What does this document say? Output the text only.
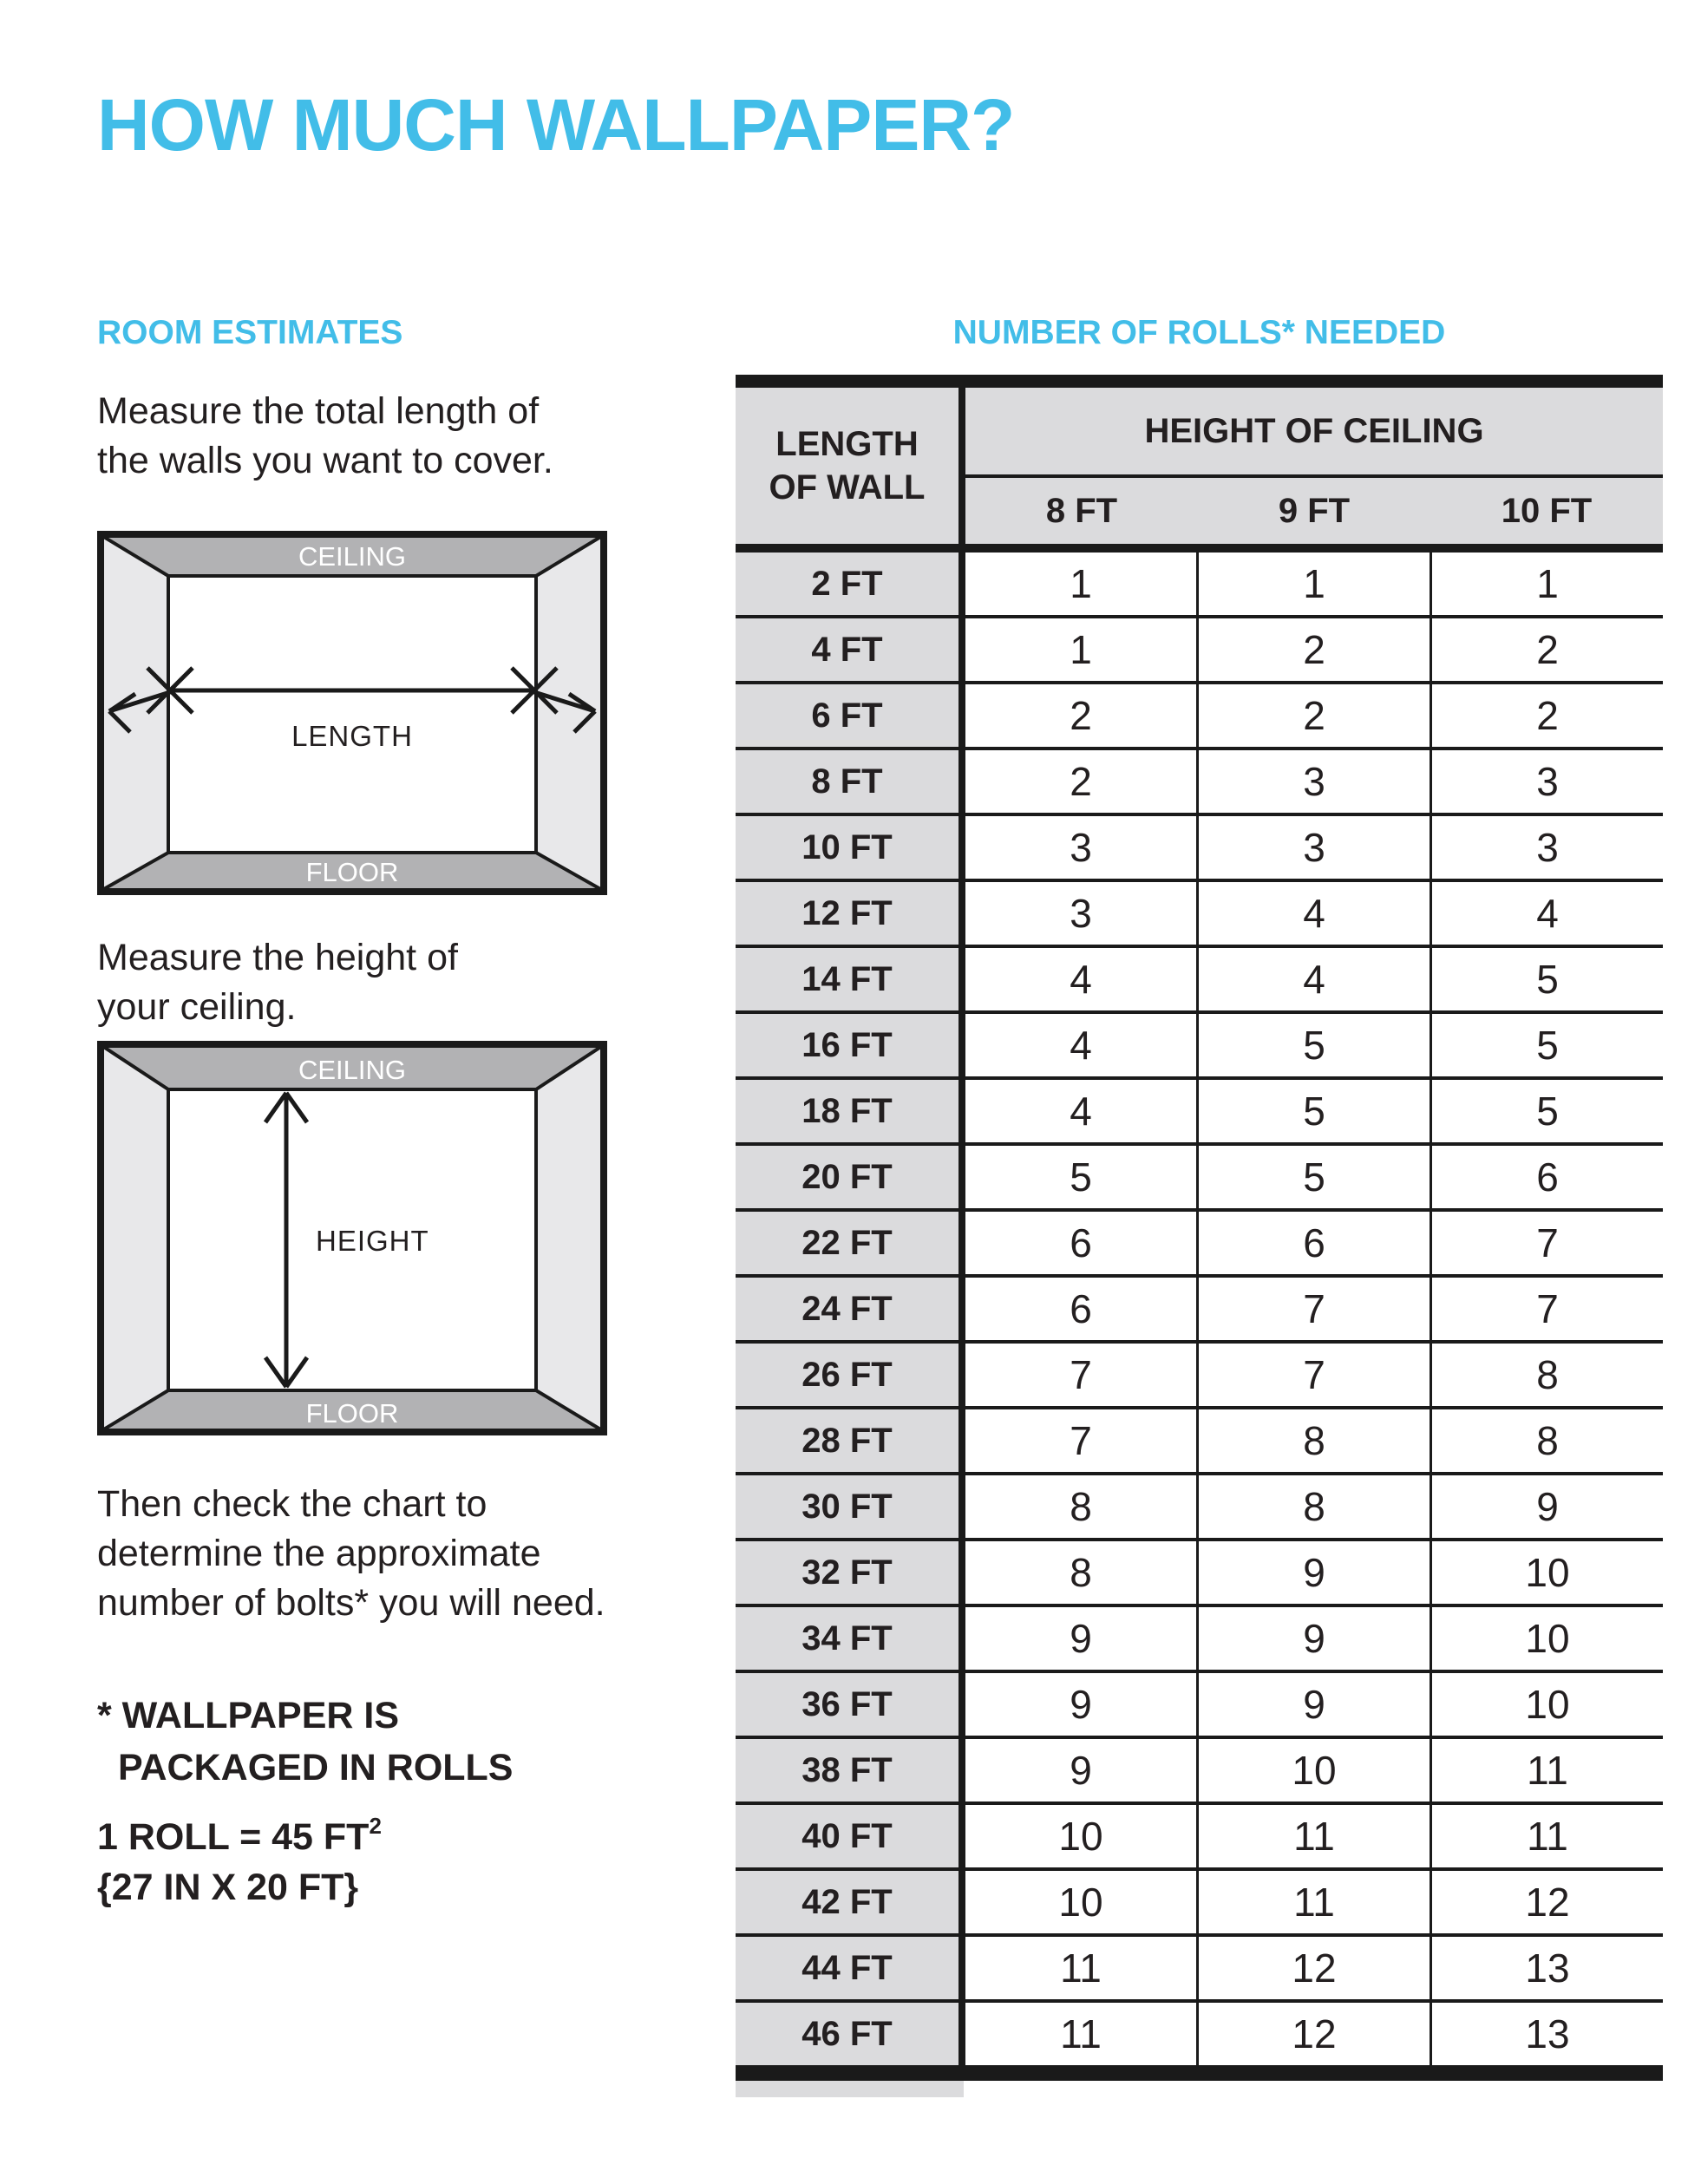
HOW MUCH WALLPAPER?
ROOM ESTIMATES
Measure the total length of
the walls you want to cover.
CEILING
FLOOR
LENGTH
Measure the height of
your ceiling.
CEILING
FLOOR
HEIGHT
Then check the chart to
determine the approximate
number of bolts* you will need.
* WALLPAPER IS
PACKAGED IN ROLLS
1 ROLL = 45 $FT^2$
{27 IN X 20 FT}
NUMBER OF ROLLS* NEEDED
LENGTH
OF WALL
HEIGHT OF CEILING
8 FT	9 FT	10 FT
2 FT	1	1	1
4 FT	1	2	2
6 FT	2	2	2
8 FT	2	3	3
10 FT	3	3	3
12 FT	3	4	4
14 FT	4	4	5
16 FT	4	5	5
18 FT	4	5	5
20 FT	5	5	6
22 FT	6	6	7
24 FT	6	7	7
26 FT	7	7	8
28 FT	7	8	8
30 FT	8	8	9
32 FT	8	9	10
34 FT	9	9	10
36 FT	9	9	10
38 FT	9	10	11
40 FT	10	11	11
42 FT	10	11	12
44 FT	11	12	13
46 FT	11	12	13
